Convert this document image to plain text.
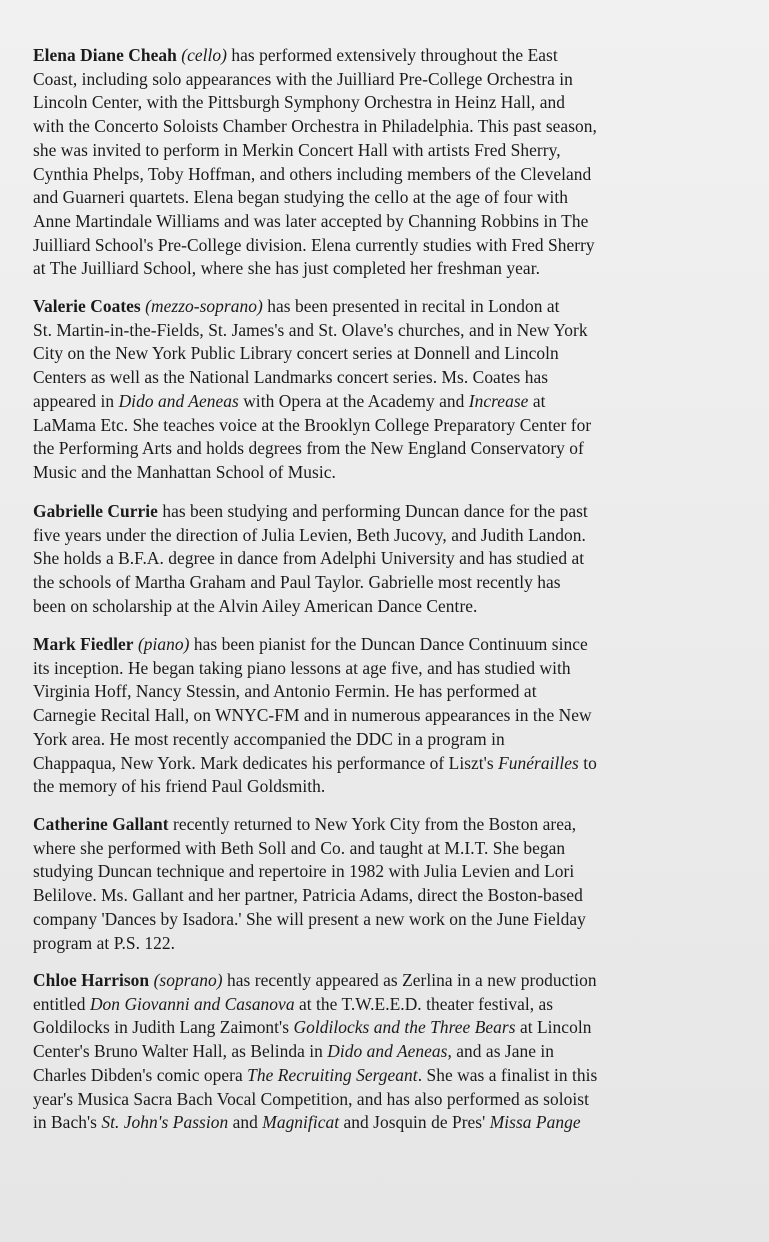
Elena Diane Cheah (cello) has performed extensively throughout the East
Coast, including solo appearances with the Juilliard Pre-College Orchestra in
Lincoln Center, with the Pittsburgh Symphony Orchestra in Heinz Hall, and
with the Concerto Soloists Chamber Orchestra in Philadelphia. This past season,
she was invited to perform in Merkin Concert Hall with artists Fred Sherry,
Cynthia Phelps, Toby Hoffman, and others including members of the Cleveland
and Guarneri quartets. Elena began studying the cello at the age of four with
Anne Martindale Williams and was later accepted by Channing Robbins in The
Juilliard School's Pre-College division. Elena currently studies with Fred Sherry
at The Juilliard School, where she has just completed her freshman year.

Valerie Coates (mezzo-soprano) has been presented in recital in London at
St. Martin-in-the-Fields, St. James's and St. Olave's churches, and in New York
City on the New York Public Library concert series at Donnell and Lincoln
Centers as well as the National Landmarks concert series. Ms. Coates has
appeared in Dido and Aeneas with Opera at the Academy and Increase at
LaMama Etc. She teaches voice at the Brooklyn College Preparatory Center for
the Performing Arts and holds degrees from the New England Conservatory of
Music and the Manhattan School of Music.

Gabrielle Currie has been studying and performing Duncan dance for the past
five years under the direction of Julia Levien, Beth Jucovy, and Judith Landon.
She holds a B.F.A. degree in dance from Adelphi University and has studied at
the schools of Martha Graham and Paul Taylor. Gabrielle most recently has
been on scholarship at the Alvin Ailey American Dance Centre.

Mark Fiedler (piano) has been pianist for the Duncan Dance Continuum since
its inception. He began taking piano lessons at age five, and has studied with
Virginia Hoff, Nancy Stessin, and Antonio Fermin. He has performed at
Carnegie Recital Hall, on WNYC-FM and in numerous appearances in the New
York area. He most recently accompanied the DDC in a program in
Chappaqua, New York. Mark dedicates his performance of Liszt's Funérailles to
the memory of his friend Paul Goldsmith.

Catherine Gallant recently returned to New York City from the Boston area,
where she performed with Beth Soll and Co. and taught at M.I.T. She began
studying Duncan technique and repertoire in 1982 with Julia Levien and Lori
Belilove. Ms. Gallant and her partner, Patricia Adams, direct the Boston-based
company 'Dances by Isadora.' She will present a new work on the June Fielday
program at P.S. 122.

Chloe Harrison (soprano) has recently appeared as Zerlina in a new production
entitled Don Giovanni and Casanova at the T.W.E.E.D. theater festival, as
Goldilocks in Judith Lang Zaimont's Goldilocks and the Three Bears at Lincoln
Center's Bruno Walter Hall, as Belinda in Dido and Aeneas, and as Jane in
Charles Dibden's comic opera The Recruiting Sergeant. She was a finalist in this
year's Musica Sacra Bach Vocal Competition, and has also performed as soloist
in Bach's St. John's Passion and Magnificat and Josquin de Pres' Missa Pange
